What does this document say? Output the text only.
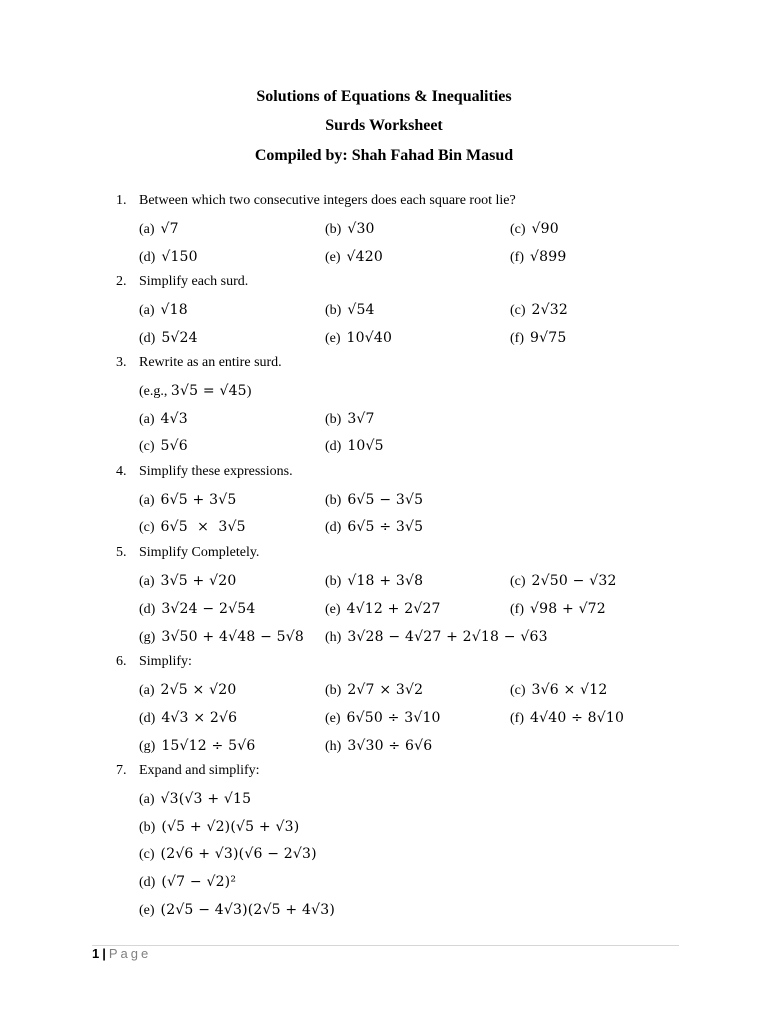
Solutions of Equations & Inequalities
Surds Worksheet
Compiled by: Shah Fahad Bin Masud
1. Between which two consecutive integers does each square root lie?
(a) √7	(b) √30	(c) √90
(d) √150	(e) √420	(f) √899
2. Simplify each surd.
(a) √18	(b) √54	(c) 2√32
(d) 5√24	(e) 10√40	(f) 9√75
3. Rewrite as an entire surd.
(e.g., 3√5 = √45)
(a) 4√3	(b) 3√7
(c) 5√6	(d) 10√5
4. Simplify these expressions.
(a) 6√5 + 3√5	(b) 6√5 − 3√5
(c) 6√5  ×  3√5	(d) 6√5 ÷ 3√5
5. Simplify Completely.
(a) 3√5 + √20	(b) √18 + 3√8	(c) 2√50 − √32
(d) 3√24 − 2√54	(e) 4√12 + 2√27	(f) √98 + √72
(g) 3√50 + 4√48 − 5√8 (h) 3√28 − 4√27 + 2√18 − √63
6. Simplify:
(a) 2√5 × √20	(b) 2√7 × 3√2	(c) 3√6 × √12
(d) 4√3 × 2√6	(e) 6√50 ÷ 3√10	(f) 4√40 ÷ 8√10
(g) 15√12 ÷ 5√6	(h) 3√30 ÷ 6√6
7. Expand and simplify:
(a) √3(√3 + √15
(b) (√5 + √2)(√5 + √3)
(c) (2√6 + √3)(√6 − 2√3)
(d) (√7 − √2)²
(e) (2√5 − 4√3)(2√5 + 4√3)
1 | Page
